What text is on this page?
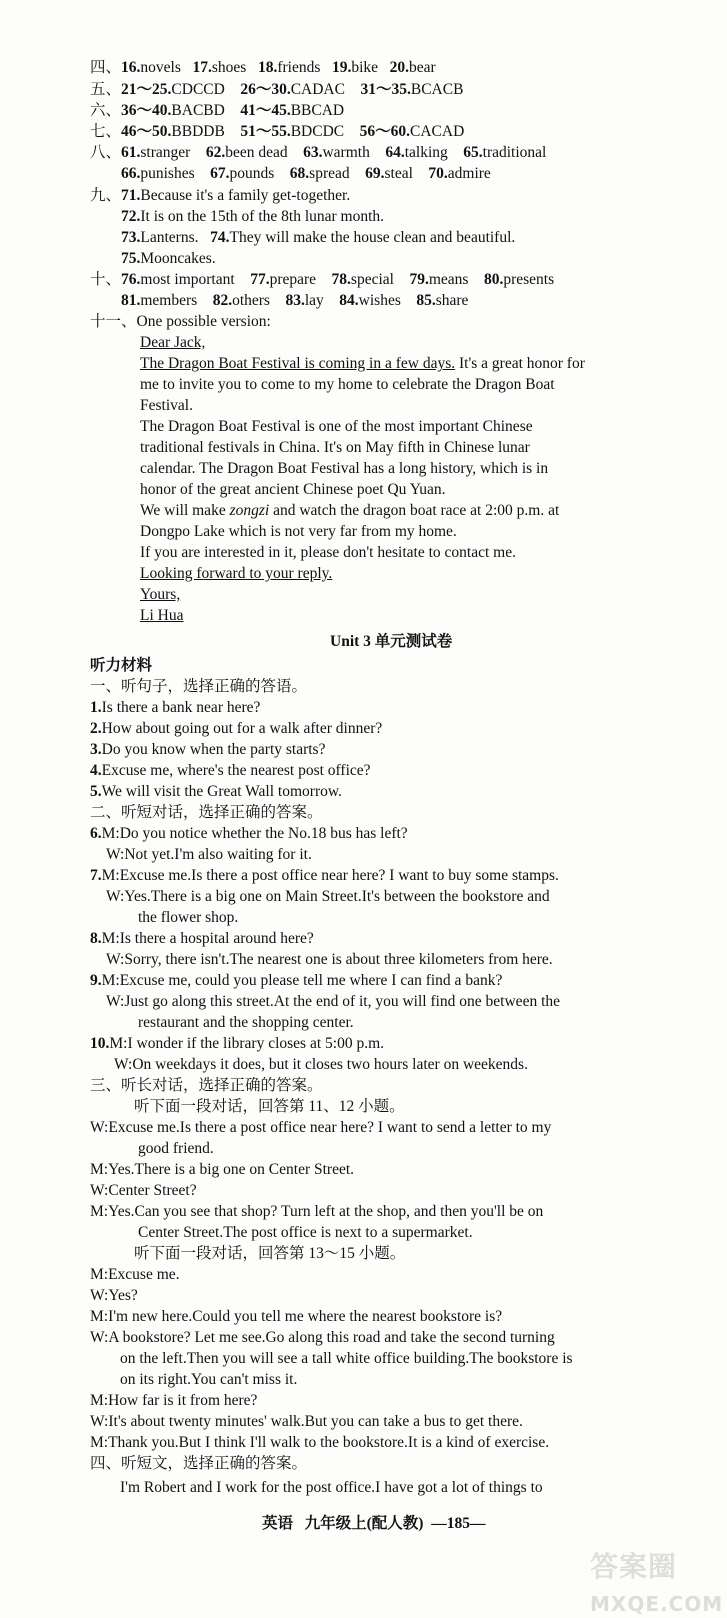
四、16.novels 17.shoes 18.friends 19.bike 20.bear
五、21～25.CDCCD 26～30.CADAC 31～35.BCACB
六、36～40.BACBD 41～45.BBCAD
七、46～50.BBDDB 51～55.BDCDC 56～60.CACAD
八、61.stranger 62.been dead 63.warmth 64.talking 65.traditional
66.punishes 67.pounds 68.spread 69.steal 70.admire
九、71.Because it's a family get-together.
72.It is on the 15th of the 8th lunar month.
73.Lanterns. 74.They will make the house clean and beautiful.
75.Mooncakes.
十、76.most important 77.prepare 78.special 79.means 80.presents
81.members 82.others 83.lay 84.wishes 85.share
十一、One possible version:
Dear Jack,
The Dragon Boat Festival is coming in a few days. It's a great honor for
me to invite you to come to my home to celebrate the Dragon Boat
Festival.
The Dragon Boat Festival is one of the most important Chinese
traditional festivals in China. It's on May fifth in Chinese lunar
calendar. The Dragon Boat Festival has a long history, which is in
honor of the great ancient Chinese poet Qu Yuan.
We will make zongzi and watch the dragon boat race at 2:00 p.m. at
Dongpo Lake which is not very far from my home.
If you are interested in it, please don't hesitate to contact me.
Looking forward to your reply.
Yours,
Li Hua
Unit 3 单元测试卷
听力材料
一、听句子，选择正确的答语。
1.Is there a bank near here?
2.How about going out for a walk after dinner?
3.Do you know when the party starts?
4.Excuse me, where's the nearest post office?
5.We will visit the Great Wall tomorrow.
二、听短对话，选择正确的答案。
6.M:Do you notice whether the No.18 bus has left?
W:Not yet.I'm also waiting for it.
7.M:Excuse me.Is there a post office near here? I want to buy some stamps.
W:Yes.There is a big one on Main Street.It's between the bookstore and
the flower shop.
8.M:Is there a hospital around here?
W:Sorry, there isn't.The nearest one is about three kilometers from here.
9.M:Excuse me, could you please tell me where I can find a bank?
W:Just go along this street.At the end of it, you will find one between the
restaurant and the shopping center.
10.M:I wonder if the library closes at 5:00 p.m.
W:On weekdays it does, but it closes two hours later on weekends.
三、听长对话，选择正确的答案。
听下面一段对话，回答第 11、12 小题。
W:Excuse me.Is there a post office near here? I want to send a letter to my
good friend.
M:Yes.There is a big one on Center Street.
W:Center Street?
M:Yes.Can you see that shop? Turn left at the shop, and then you'll be on
Center Street.The post office is next to a supermarket.
听下面一段对话，回答第 13～15 小题。
M:Excuse me.
W:Yes?
M:I'm new here.Could you tell me where the nearest bookstore is?
W:A bookstore? Let me see.Go along this road and take the second turning
on the left.Then you will see a tall white office building.The bookstore is
on its right.You can't miss it.
M:How far is it from here?
W:It's about twenty minutes' walk.But you can take a bus to get there.
M:Thank you.But I think I'll walk to the bookstore.It is a kind of exercise.
四、听短文，选择正确的答案。
I'm Robert and I work for the post office.I have got a lot of things to
英语 九年级上(配人教) —185—
答案圈
MXQE.COM
